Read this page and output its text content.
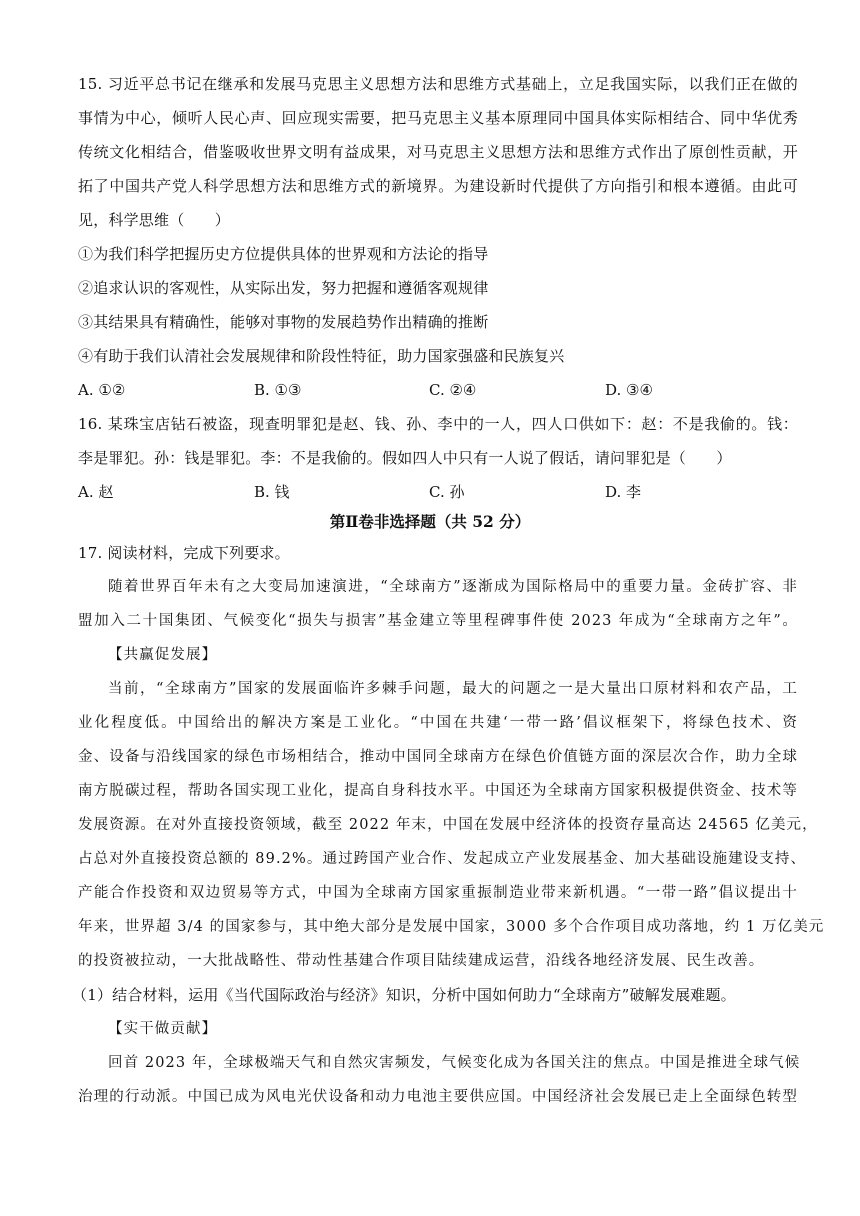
15. 习近平总书记在继承和发展马克思主义思想方法和思维方式基础上，立足我国实际，以我们正在做的
事情为中心，倾听人民心声、回应现实需要，把马克思主义基本原理同中国具体实际相结合、同中华优秀
传统文化相结合，借鉴吸收世界文明有益成果，对马克思主义思想方法和思维方式作出了原创性贡献，开
拓了中国共产党人科学思想方法和思维方式的新境界。为建设新时代提供了方向指引和根本遵循。由此可
见，科学思维（　　）
①为我们科学把握历史方位提供具体的世界观和方法论的指导
②追求认识的客观性，从实际出发，努力把握和遵循客观规律
③其结果具有精确性，能够对事物的发展趋势作出精确的推断
④有助于我们认清社会发展规律和阶段性特征，助力国家强盛和民族复兴
A. ①②	B. ①③	C. ②④	D. ③④
16. 某珠宝店钻石被盗，现查明罪犯是赵、钱、孙、李中的一人，四人口供如下：赵：不是我偷的。钱：
李是罪犯。孙：钱是罪犯。李：不是我偷的。假如四人中只有一人说了假话，请问罪犯是（　　）
A. 赵	B. 钱	C. 孙	D. 李
第Ⅱ卷非选择题（共 52 分）
17. 阅读材料，完成下列要求。
随着世界百年未有之大变局加速演进，“全球南方”逐渐成为国际格局中的重要力量。金砖扩容、非
盟加入二十国集团、气候变化“损失与损害”基金建立等里程碑事件使 2023 年成为“全球南方之年”。
【共赢促发展】
当前，“全球南方”国家的发展面临许多棘手问题，最大的问题之一是大量出口原材料和农产品，工
业化程度低。中国给出的解决方案是工业化。“中国在共建‘一带一路’倡议框架下，将绿色技术、资
金、设备与沿线国家的绿色市场相结合，推动中国同全球南方在绿色价值链方面的深层次合作，助力全球
南方脱碳过程，帮助各国实现工业化，提高自身科技水平。中国还为全球南方国家积极提供资金、技术等
发展资源。在对外直接投资领域，截至 2022 年末，中国在发展中经济体的投资存量高达 24565 亿美元，
占总对外直接投资总额的 89.2%。通过跨国产业合作、发起成立产业发展基金、加大基础设施建设支持、
产能合作投资和双边贸易等方式，中国为全球南方国家重振制造业带来新机遇。“一带一路”倡议提出十
年来，世界超 3/4 的国家参与，其中绝大部分是发展中国家，3000 多个合作项目成功落地，约 1 万亿美元
的投资被拉动，一大批战略性、带动性基建合作项目陆续建成运营，沿线各地经济发展、民生改善。
（1）结合材料，运用《当代国际政治与经济》知识，分析中国如何助力“全球南方”破解发展难题。
【实干做贡献】
回首 2023 年，全球极端天气和自然灾害频发，气候变化成为各国关注的焦点。中国是推进全球气候
治理的行动派。中国已成为风电光伏设备和动力电池主要供应国。中国经济社会发展已走上全面绿色转型
